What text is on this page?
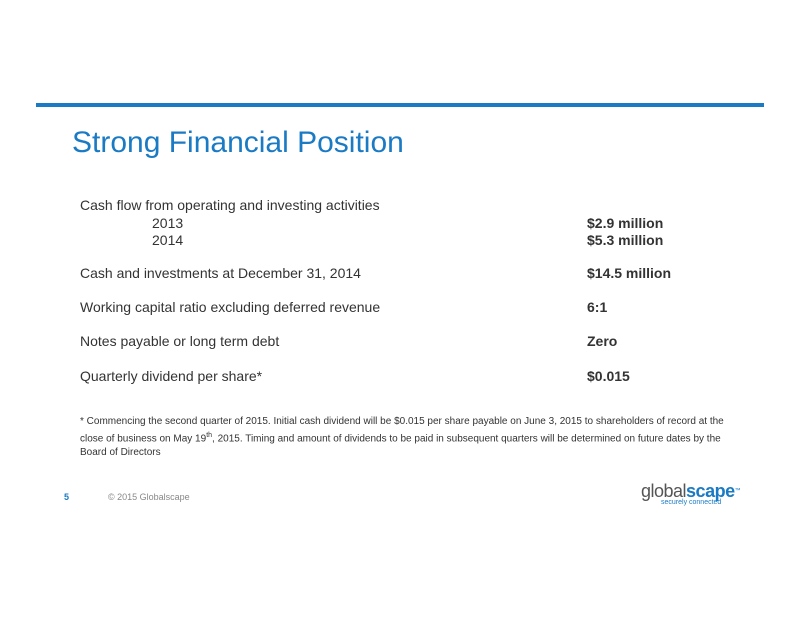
Strong Financial Position
Cash flow from operating and investing activities
2013	$2.9 million
2014	$5.3 million
Cash and investments at December 31, 2014	$14.5 million
Working capital ratio excluding deferred revenue	6:1
Notes payable or long term debt	Zero
Quarterly dividend per share*	$0.015
* Commencing the second quarter of 2015. Initial cash dividend will be $0.015 per share payable on June 3, 2015 to shareholders of record at the close of business on May 19th, 2015. Timing and amount of dividends to be paid in subsequent quarters will be determined on future dates by the Board of Directors
5	© 2015 Globalscape	globalscape™
securely connected
